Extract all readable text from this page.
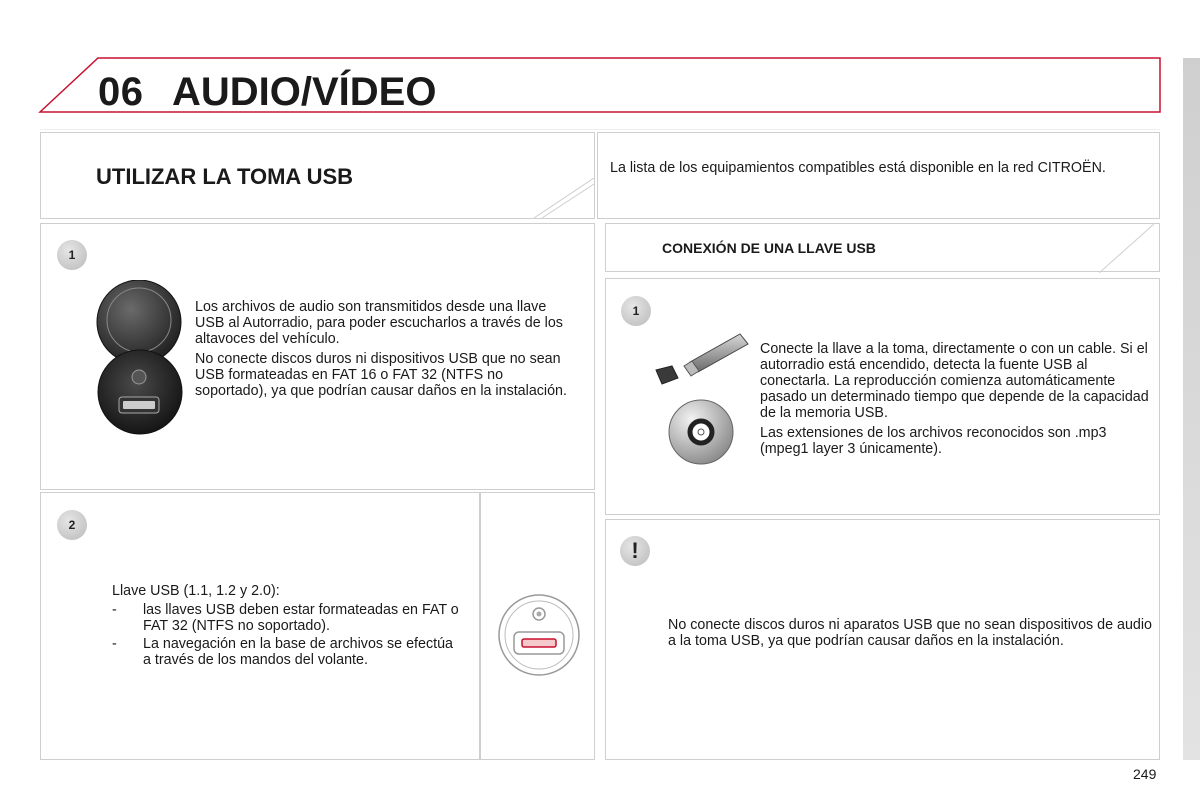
06 AUDIO/VÍDEO
UTILIZAR LA TOMA USB	La lista de los equipamientos compatibles está disponible en la red CITROËN.
1

Los archivos de audio son transmitidos desde una llave USB al Autorradio, para poder escucharlos a través de los altavoces del vehículo.

No conecte discos duros ni dispositivos USB que no sean USB formateadas en FAT 16 o FAT 32 (NTFS no soportado), ya que podrían causar daños en la instalación.

2
Llave USB (1.1, 1.2 y 2.0):
- las llaves USB deben estar formateadas en FAT o FAT 32 (NTFS no soportado).
- La navegación en la base de archivos se efectúa a través de los mandos del volante.
CONEXIÓN DE UNA LLAVE USB
1

Conecte la llave a la toma, directamente o con un cable. Si el autorradio está encendido, detecta la fuente USB al conectarla. La reproducción comienza automáticamente pasado un determinado tiempo que depende de la capacidad de la memoria USB.

Las extensiones de los archivos reconocidos son .mp3 (mpeg1 layer 3 únicamente).

!
No conecte discos duros ni aparatos USB que no sean dispositivos de audio a la toma USB, ya que podrían causar daños en la instalación.
249
